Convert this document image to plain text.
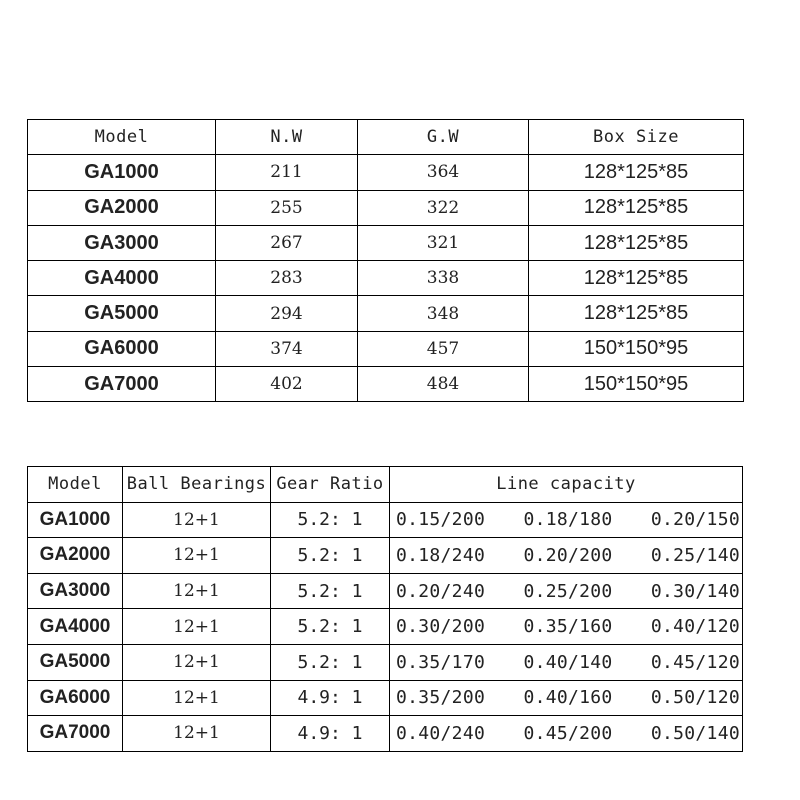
Model	N.W	G.W	Box Size
GA1000	211	364	128*125*85
GA2000	255	322	128*125*85
GA3000	267	321	128*125*85
GA4000	283	338	128*125*85
GA5000	294	348	128*125*85
GA6000	374	457	150*150*95
GA7000	402	484	150*150*95
Model	Ball Bearings	Gear Ratio	Line capacity
GA1000	12+1	5.2: 1	0.15/200 0.18/180 0.20/150

GA2000	12+1	5.2: 1	0.18/240 0.20/200 0.25/140

GA3000	12+1	5.2: 1	0.20/240 0.25/200 0.30/140

GA4000	12+1	5.2: 1	0.30/200 0.35/160 0.40/120

GA5000	12+1	5.2: 1	0.35/170 0.40/140 0.45/120

GA6000	12+1	4.9: 1	0.35/200 0.40/160 0.50/120

GA7000	12+1	4.9: 1	0.40/240 0.45/200 0.50/140
